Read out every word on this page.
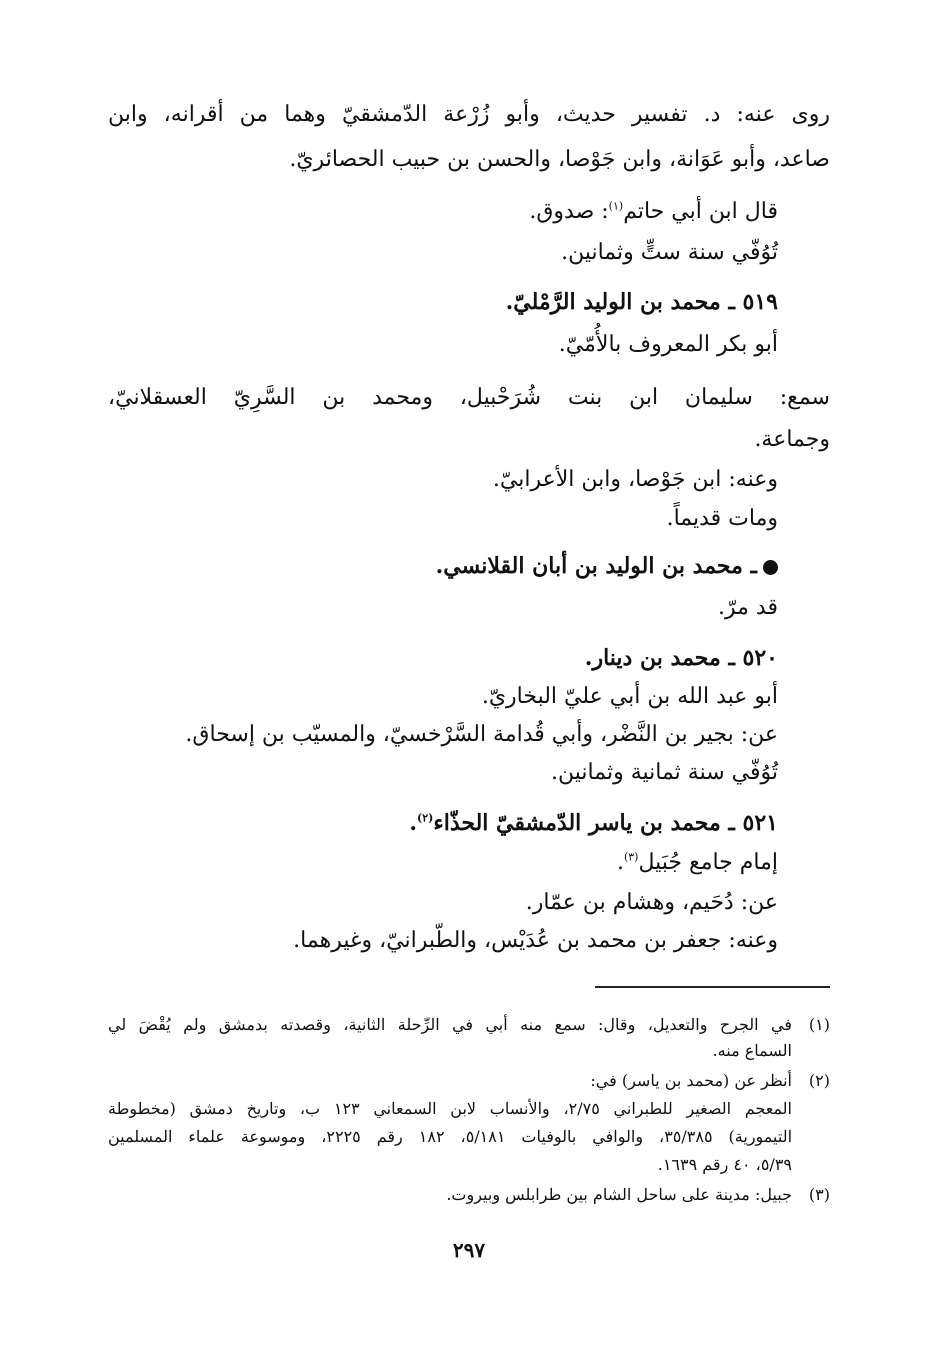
روى عنه: د. تفسير حديث، وأبو زُرْعة الدّمشقيّ وهما من أقرانه، وابن
صاعد، وأبو عَوَانة، وابن جَوْصا، والحسن بن حبيب الحصائريّ.
قال ابن أبي حاتم$^{(١)}$: صدوق.
تُوُفّي سنة ستٍّ وثمانين.
٥١٩ ـ محمد بن الوليد الرَّمْليّ.
أبو بكر المعروف بالأُمّيّ.
سمع: سليمان ابن بنت شُرَحْبيل، ومحمد بن السَّرِيّ العسقلانيّ،
وجماعة.
وعنه: ابن جَوْصا، وابن الأعرابيّ.
ومات قديماً.
ـ محمد بن الوليد بن أبان القلانسي.
قد مرّ.
٥٢٠ ـ محمد بن دينار.
أبو عبد الله بن أبي عليّ البخاريّ.
عن: بجير بن النَّضْر، وأبي قُدامة السَّرْخسيّ، والمسيّب بن إسحاق.
تُوُفّي سنة ثمانية وثمانين.
٥٢١ ـ محمد بن ياسر الدّمشقيّ الحذّاء$^{(٢)}$.
إمام جامع جُبَيل$^{(٣)}$.
عن: دُحَيم، وهشام بن عمّار.
وعنه: جعفر بن محمد بن عُدَيْس، والطّبرانيّ، وغيرهما.
(١)
في الجرح والتعديل، وقال: سمع منه أبي في الرِّحلة الثانية، وقصدته بدمشق ولم يُقْضَ لي
السماع منه.
(٢)
أنظر عن (محمد بن ياسر) في:
المعجم الصغير للطبراني ٢/٧٥، والأنساب لابن السمعاني ١٢٣ ب، وتاريخ دمشق (مخطوطة
التيمورية) ٣٥/٣٨٥، والوافي بالوفيات ٥/١٨١، ١٨٢ رقم ٢٢٢٥، وموسوعة علماء المسلمين
٥/٣٩، ٤٠ رقم ١٦٣٩.
(٣)
جبيل: مدينة على ساحل الشام بين طرابلس وبيروت.
٢٩٧
